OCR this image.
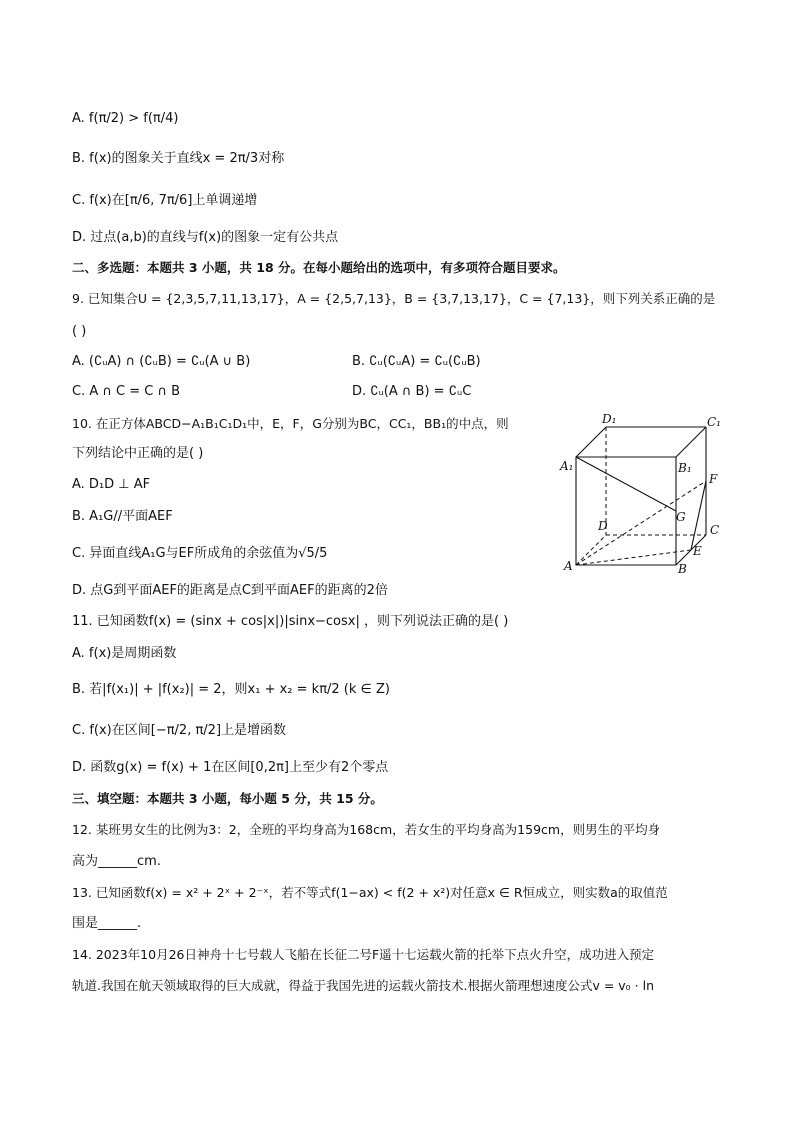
A. f(π/2) > f(π/4)
B. f(x)的图象关于直线x = 2π/3对称
C. f(x)在[π/6, 7π/6]上单调递增
D. 过点(a,b)的直线与f(x)的图象一定有公共点
二、多选题：本题共 3 小题，共 18 分。在每小题给出的选项中，有多项符合题目要求。
9. 已知集合U = {2,3,5,7,11,13,17}，A = {2,5,7,13}，B = {3,7,13,17}，C = {7,13}，则下列关系正确的是
( )
A. (∁ᵤA) ∩ (∁ᵤB) = ∁ᵤ(A ∪ B)	B. ∁ᵤ(∁ᵤA) = ∁ᵤ(∁ᵤB)
C. A ∩ C = C ∩ B	D. ∁ᵤ(A ∩ B) = ∁ᵤC
10. 在正方体ABCD−A₁B₁C₁D₁中，E，F，G分别为BC，CC₁，BB₁的中点，则
下列结论中正确的是( )
A. D₁D ⊥ AF
B. A₁G//平面AEF
C. 异面直线A₁G与EF所成角的余弦值为√5/5
D. 点G到平面AEF的距离是点C到平面AEF的距离的2倍
D₁	C₁
A₁	B₁
F
G
D	C
E
A	B
11. 已知函数f(x) = (sinx + cos|x|)|sinx−cosx| ，则下列说法正确的是( )
A. f(x)是周期函数
B. 若|f(x₁)| + |f(x₂)| = 2，则x₁ + x₂ = kπ/2 (k ∈ Z)
C. f(x)在区间[−π/2, π/2]上是增函数
D. 函数g(x) = f(x) + 1在区间[0,2π]上至少有2个零点
三、填空题：本题共 3 小题，每小题 5 分，共 15 分。
12. 某班男女生的比例为3：2，全班的平均身高为168cm，若女生的平均身高为159cm，则男生的平均身
高为______cm.
13. 已知函数f(x) = x² + 2ˣ + 2⁻ˣ，若不等式f(1−ax) < f(2 + x²)对任意x ∈ R恒成立，则实数a的取值范
围是______.
14. 2023年10月26日神舟十七号载人飞船在长征二号F遥十七运载火箭的托举下点火升空，成功进入预定
轨道.我国在航天领域取得的巨大成就，得益于我国先进的运载火箭技术.根据火箭理想速度公式v = v₀ · ln
